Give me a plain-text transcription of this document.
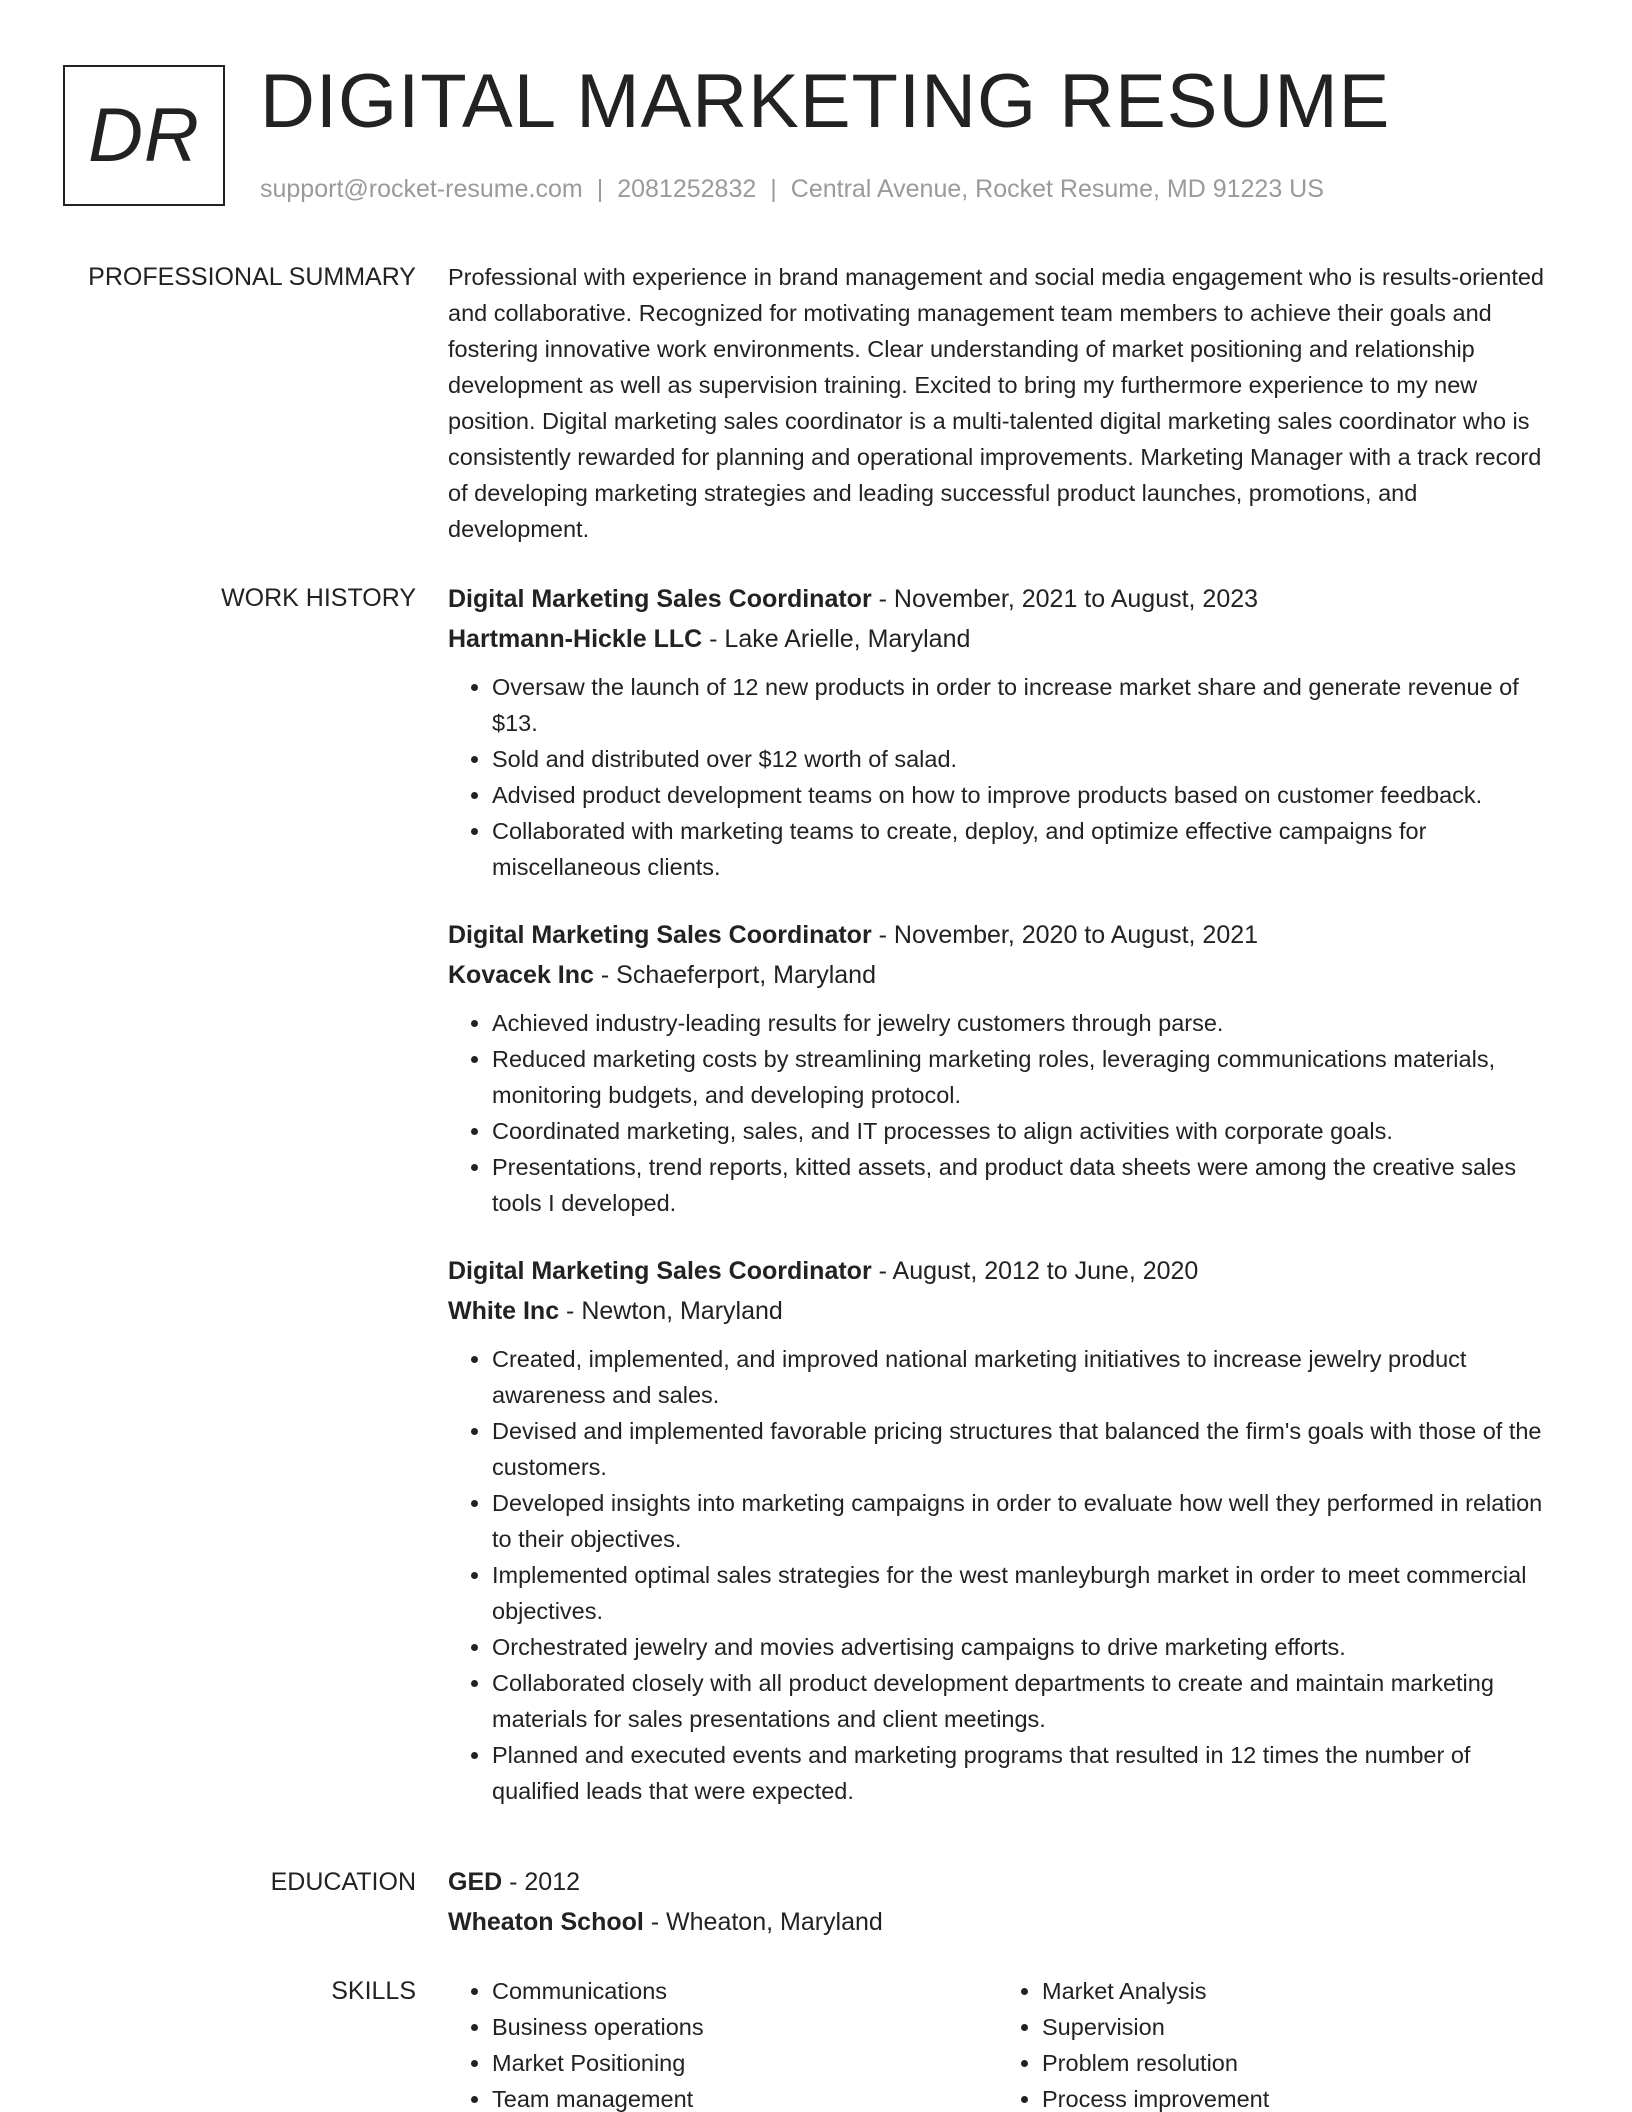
DR DIGITAL MARKETING RESUME
support@rocket-resume.com | 2081252832 | Central Avenue, Rocket Resume, MD 91223 US
PROFESSIONAL SUMMARY Professional with experience in brand management and social media engagement who is results-oriented and collaborative. Recognized for motivating management team members to achieve their goals and fostering innovative work environments. Clear understanding of market positioning and relationship development as well as supervision training. Excited to bring my furthermore experience to my new position. Digital marketing sales coordinator is a multi-talented digital marketing sales coordinator who is consistently rewarded for planning and operational improvements. Marketing Manager with a track record of developing marketing strategies and leading successful product launches, promotions, and development.

WORK HISTORY Digital Marketing Sales Coordinator - November, 2021 to August, 2023
Hartmann-Hickle LLC - Lake Arielle, Maryland
• Oversaw the launch of 12 new products in order to increase market share and generate revenue of $13.
• Sold and distributed over $12 worth of salad.
• Advised product development teams on how to improve products based on customer feedback.
• Collaborated with marketing teams to create, deploy, and optimize effective campaigns for miscellaneous clients.
Digital Marketing Sales Coordinator - November, 2020 to August, 2021
Kovacek Inc - Schaeferport, Maryland
• Achieved industry-leading results for jewelry customers through parse.
• Reduced marketing costs by streamlining marketing roles, leveraging communications materials, monitoring budgets, and developing protocol.
• Coordinated marketing, sales, and IT processes to align activities with corporate goals.
• Presentations, trend reports, kitted assets, and product data sheets were among the creative sales tools I developed.
Digital Marketing Sales Coordinator - August, 2012 to June, 2020
White Inc - Newton, Maryland
• Created, implemented, and improved national marketing initiatives to increase jewelry product awareness and sales.
• Devised and implemented favorable pricing structures that balanced the firm's goals with those of the customers.
• Developed insights into marketing campaigns in order to evaluate how well they performed in relation to their objectives.
• Implemented optimal sales strategies for the west manleyburgh market in order to meet commercial objectives.
• Orchestrated jewelry and movies advertising campaigns to drive marketing efforts.
• Collaborated closely with all product development departments to create and maintain marketing materials for sales presentations and client meetings.
• Planned and executed events and marketing programs that resulted in 12 times the number of qualified leads that were expected.
EDUCATION GED - 2012
Wheaton School - Wheaton, Maryland
SKILLS
•	Communications
• Business operations
• Market Positioning
• Team management
• Market Analysis
• Supervision
• Problem resolution
• Process improvement
